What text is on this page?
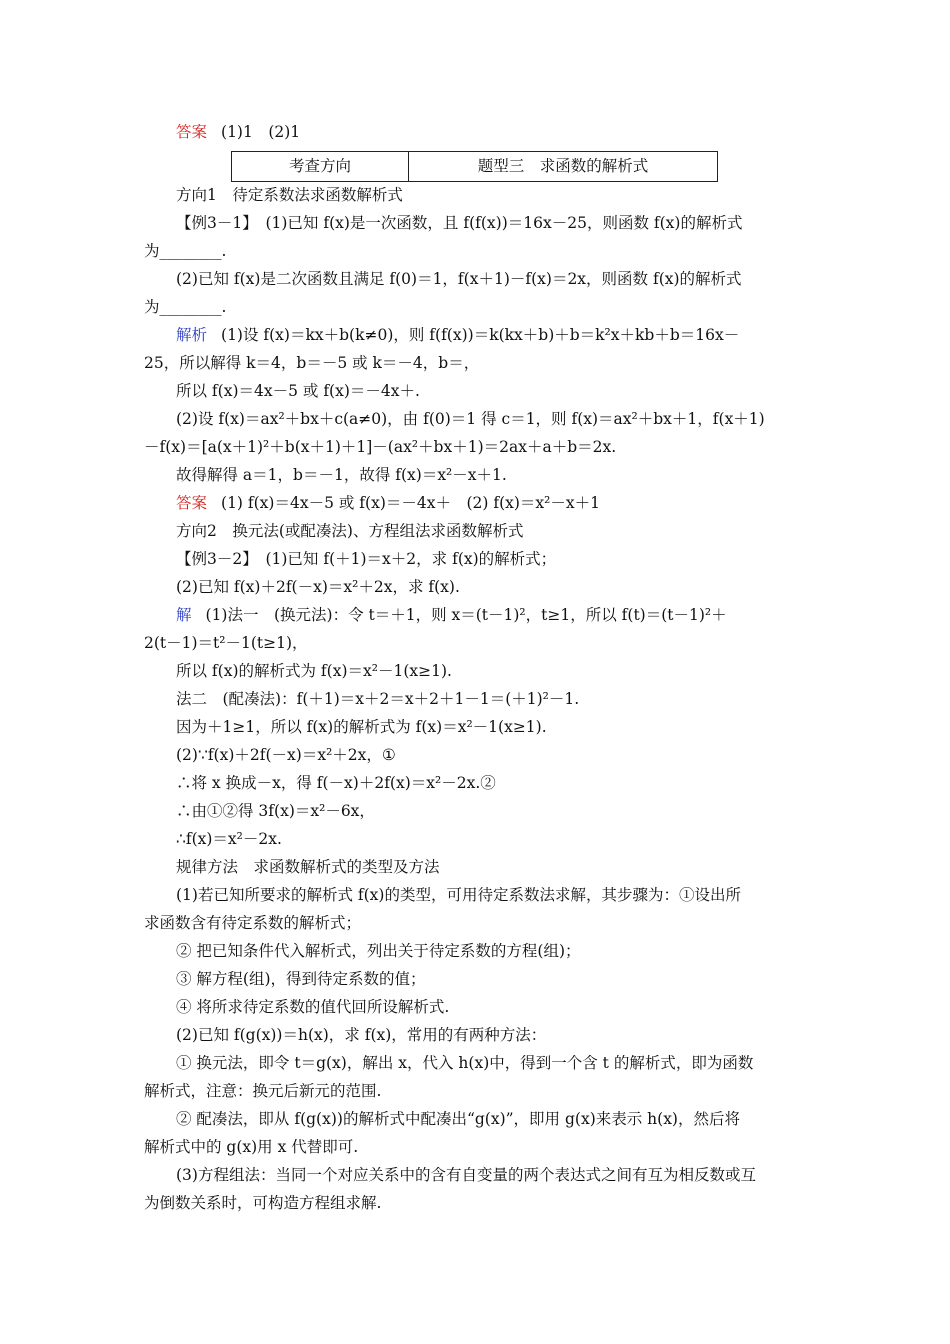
答案 (1)1　(2)1
考查方向	题型三　求函数的解析式
方向1　待定系数法求函数解析式
【例3－1】　(1)已知 f(x)是一次函数，且 f(f(x))＝16x－25，则函数 f(x)的解析式
为________.
(2)已知 f(x)是二次函数且满足 f(0)＝1，f(x＋1)－f(x)＝2x，则函数 f(x)的解析式
为________.
解析 (1)设 f(x)＝kx＋b(k≠0)，则 f(f(x))＝k(kx＋b)＋b＝k²x＋kb＋b＝16x－
25，所以解得 k＝4，b＝－5 或 k＝－4，b＝，
所以 f(x)＝4x－5 或 f(x)＝－4x＋.
(2)设 f(x)＝ax²＋bx＋c(a≠0)，由 f(0)＝1 得 c＝1，则 f(x)＝ax²＋bx＋1，f(x＋1)
－f(x)＝[a(x＋1)²＋b(x＋1)＋1]－(ax²＋bx＋1)＝2ax＋a＋b＝2x.
故得解得 a＝1，b＝－1，故得 f(x)＝x²－x＋1.
答案 (1) f(x)＝4x－5 或 f(x)＝－4x＋　(2) f(x)＝x²－x＋1
方向2　换元法(或配凑法)、方程组法求函数解析式
【例3－2】　(1)已知 f(＋1)＝x＋2，求 f(x)的解析式；
(2)已知 f(x)＋2f(－x)＝x²＋2x，求 f(x).
解 (1)法一　(换元法)：令 t＝＋1，则 x＝(t－1)²，t≥1，所以 f(t)＝(t－1)²＋
2(t－1)＝t²－1(t≥1)，
所以 f(x)的解析式为 f(x)＝x²－1(x≥1).
法二　(配凑法)：f(＋1)＝x＋2＝x＋2＋1－1＝(＋1)²－1.
因为＋1≥1，所以 f(x)的解析式为 f(x)＝x²－1(x≥1).
(2)∵f(x)＋2f(－x)＝x²＋2x，①
∴将 x 换成－x，得 f(－x)＋2f(x)＝x²－2x.②
∴由①②得 3f(x)＝x²－6x，
∴f(x)＝x²－2x.
规律方法　求函数解析式的类型及方法
(1)若已知所要求的解析式 f(x)的类型，可用待定系数法求解，其步骤为：①设出所
求函数含有待定系数的解析式；
② 把已知条件代入解析式，列出关于待定系数的方程(组)；
③ 解方程(组)，得到待定系数的值；
④ 将所求待定系数的值代回所设解析式.
(2)已知 f(g(x))＝h(x)，求 f(x)，常用的有两种方法：
① 换元法，即令 t＝g(x)，解出 x，代入 h(x)中，得到一个含 t 的解析式，即为函数
解析式，注意：换元后新元的范围.
② 配凑法，即从 f(g(x))的解析式中配凑出“g(x)”，即用 g(x)来表示 h(x)，然后将
解析式中的 g(x)用 x 代替即可.
(3)方程组法：当同一个对应关系中的含有自变量的两个表达式之间有互为相反数或互
为倒数关系时，可构造方程组求解.
